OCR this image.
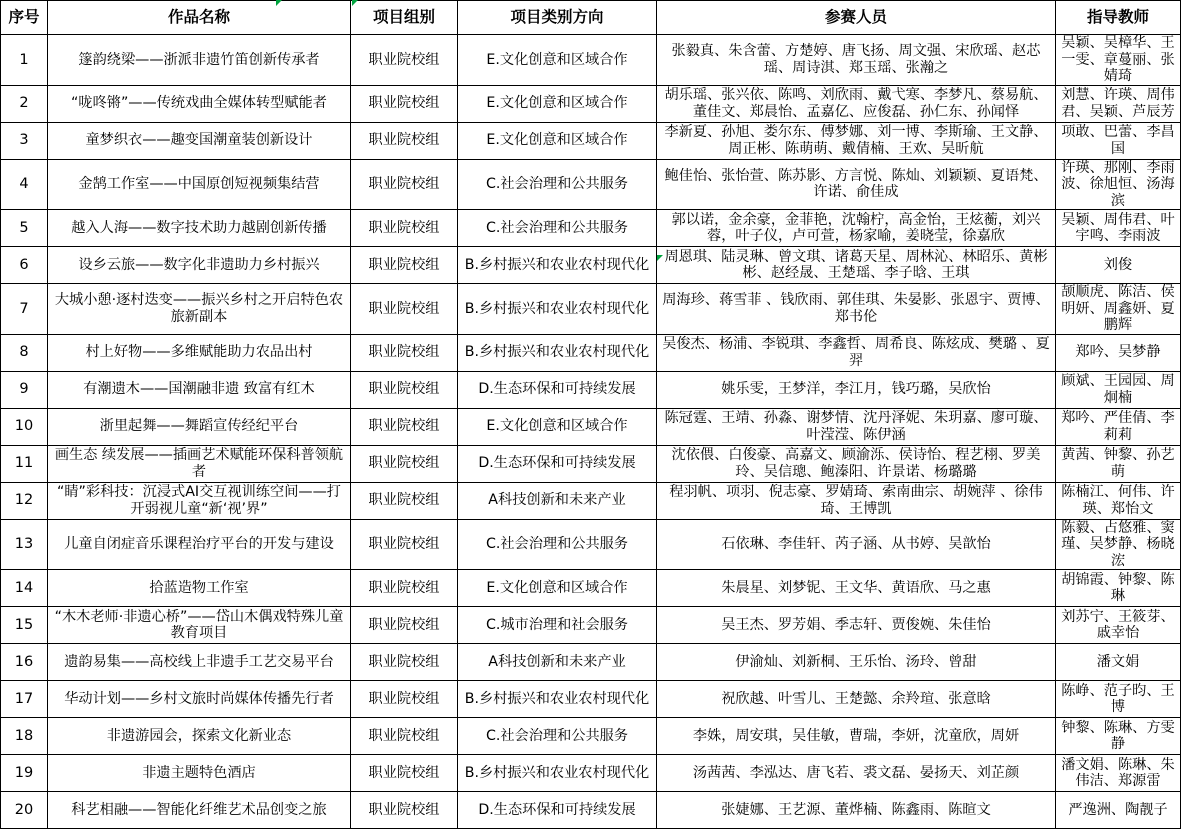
序号	作品名称	项目组别	项目类别方向	参赛人员	指导教师
1	篴韵绕梁——浙派非遗竹笛创新传承者	职业院校组	E.文化创意和区域合作	张毅真、朱含蕾、方楚婷、唐飞扬、周文强、宋欣瑶、赵芯瑶、周诗淇、郑玉瑶、张瀚之	吴颖、吴樟华、王一雯、章蔓丽、张婧琦
2	“咙咚锵”——传统戏曲全媒体转型赋能者	职业院校组	E.文化创意和区域合作	胡乐瑶、张兴依、陈鸣、刘欣雨、戴弋寒、李梦凡、蔡易航、董佳文、郑晨怡、孟嘉亿、应俊磊、孙仁东、孙闻怿	刘慧、许瑛、周伟君、吴颖、芦辰芳
3	童梦织衣——趣变国潮童装创新设计	职业院校组	E.文化创意和区域合作	李新夏、孙旭、娄尔东、傅梦娜、刘一博、李斯瑜、王文静、周正彬、陈萌萌、戴倩楠、王欢、吴昕航	项敢、巴蕾、李昌国
4	金鹄工作室——中国原创短视频集结营	职业院校组	C.社会治理和公共服务	鲍佳怡、张怡萱、陈苏影、方言悦、陈灿、刘颖颖、夏语梵、许诺、俞佳成	许瑛、那刚、李雨波、徐旭恒、汤海滨
5	越入人海——数字技术助力越剧创新传播	职业院校组	C.社会治理和公共服务	郭以诺，金余豪，金菲艳，沈翰柠，高金怡，王炫蘅，刘兴蓉，叶子仪，卢可萱，杨家喻，姜晓莹，徐嘉欣	吴颖、周伟君、叶宇鸣、李雨波
6	设乡云旅——数字化非遗助力乡村振兴	职业院校组	B.乡村振兴和农业农村现代化	周恩琪、陆灵琳、曾文琪、诸葛天星、周林沁、林昭乐、黄彬彬、赵经晟、王楚瑶、李子晗、王琪	刘俊
7	大城小憩·逐村迭变——振兴乡村之开启特色农旅新副本	职业院校组	B.乡村振兴和农业农村现代化	周海珍、蒋雪菲 、钱欣雨、郭佳琪、朱晏影、张恩宇、贾博、郑书伦	颉顺虎、陈洁、侯明妍、周鑫妍、夏鹏辉
8	村上好物——多维赋能助力农品出村	职业院校组	B.乡村振兴和农业农村现代化	吴俊杰、杨浦、李锐琪、李鑫哲、周希良、陈炫成、樊璐 、夏羿	郑吟、吴梦静
9	有潮遗木——国潮融非遗 致富有红木	职业院校组	D.生态环保和可持续发展	姚乐雯，王梦洋，李江月，钱巧璐，吴欣怡	顾斌、王园园、周炯楠
10	浙里起舞——舞蹈宣传经纪平台	职业院校组	E.文化创意和区域合作	陈冠霆、王靖、孙淼、谢梦情、沈丹泽妮、朱玥嘉、廖可璇、叶滢滢、陈伊涵	郑吟、严佳倩、李莉莉
11	画生态 续发展——插画艺术赋能环保科普领航者	职业院校组	D.生态环保和可持续发展	沈依偎、白俊豪、高嘉文、顾渝泺、侯诗怡、程艺栩、罗美玲、吴信璁、鲍溱阳、许景诺、杨璐璐	黄茜、钟黎、孙艺萌
12	“睛”彩科技：沉浸式AI交互视训练空间——打开弱视儿童“新‘视’界”	职业院校组	A科技创新和未来产业	程羽帆、项羽、倪志豪、罗婧琦、索南曲宗、胡婉萍 、徐伟琦、王博凯	陈楠江、何伟、许瑛、郑怡文
13	儿童自闭症音乐课程治疗平台的开发与建设	职业院校组	C.社会治理和公共服务	石依琳、李佳轩、芮子涵、从书婷、吴歆怡	陈毅、占悠雅、窦瑾、吴梦静、杨晓浤
14	拾蓝造物工作室	职业院校组	E.文化创意和区域合作	朱晨星、刘梦铌、王文华、黄语欣、马之惠	胡锦霞、钟黎、陈琳
15	“木木老师·非遗心桥”——岱山木偶戏特殊儿童教育项目	职业院校组	C.城市治理和社会服务	吴王杰、罗芳娟、季志轩、贾俊婉、朱佳怡	刘苏宁、王筱芽、戚幸怡
16	遗韵易集——高校线上非遗手工艺交易平台	职业院校组	A科技创新和未来产业	伊渝灿、刘新桐、王乐怡、汤玲、曾甜	潘文娟
17	华动计划——乡村文旅时尚媒体传播先行者	职业院校组	B.乡村振兴和农业农村现代化	祝欣越、叶雪儿、王楚懿、余羚瑄、张意晗	陈峥、范子昀、王博
18	非遗游园会，探索文化新业态	职业院校组	C.社会治理和公共服务	李姝，周安琪，吴佳敏，曹瑞，李妍，沈童欣，周妍	钟黎、陈琳、方雯静
19	非遗主题特色酒店	职业院校组	B.乡村振兴和农业农村现代化	汤茜茜、李泓达、唐飞若、裘文磊、晏扬天、刘芷颜	潘文娟、陈琳、朱伟洁、郑源雷
20	科艺相融——智能化纤维艺术品创变之旅	职业院校组	D.生态环保和可持续发展	张婕娜、王艺源、董烨楠、陈鑫雨、陈暄文	严逸洲、陶靓子
